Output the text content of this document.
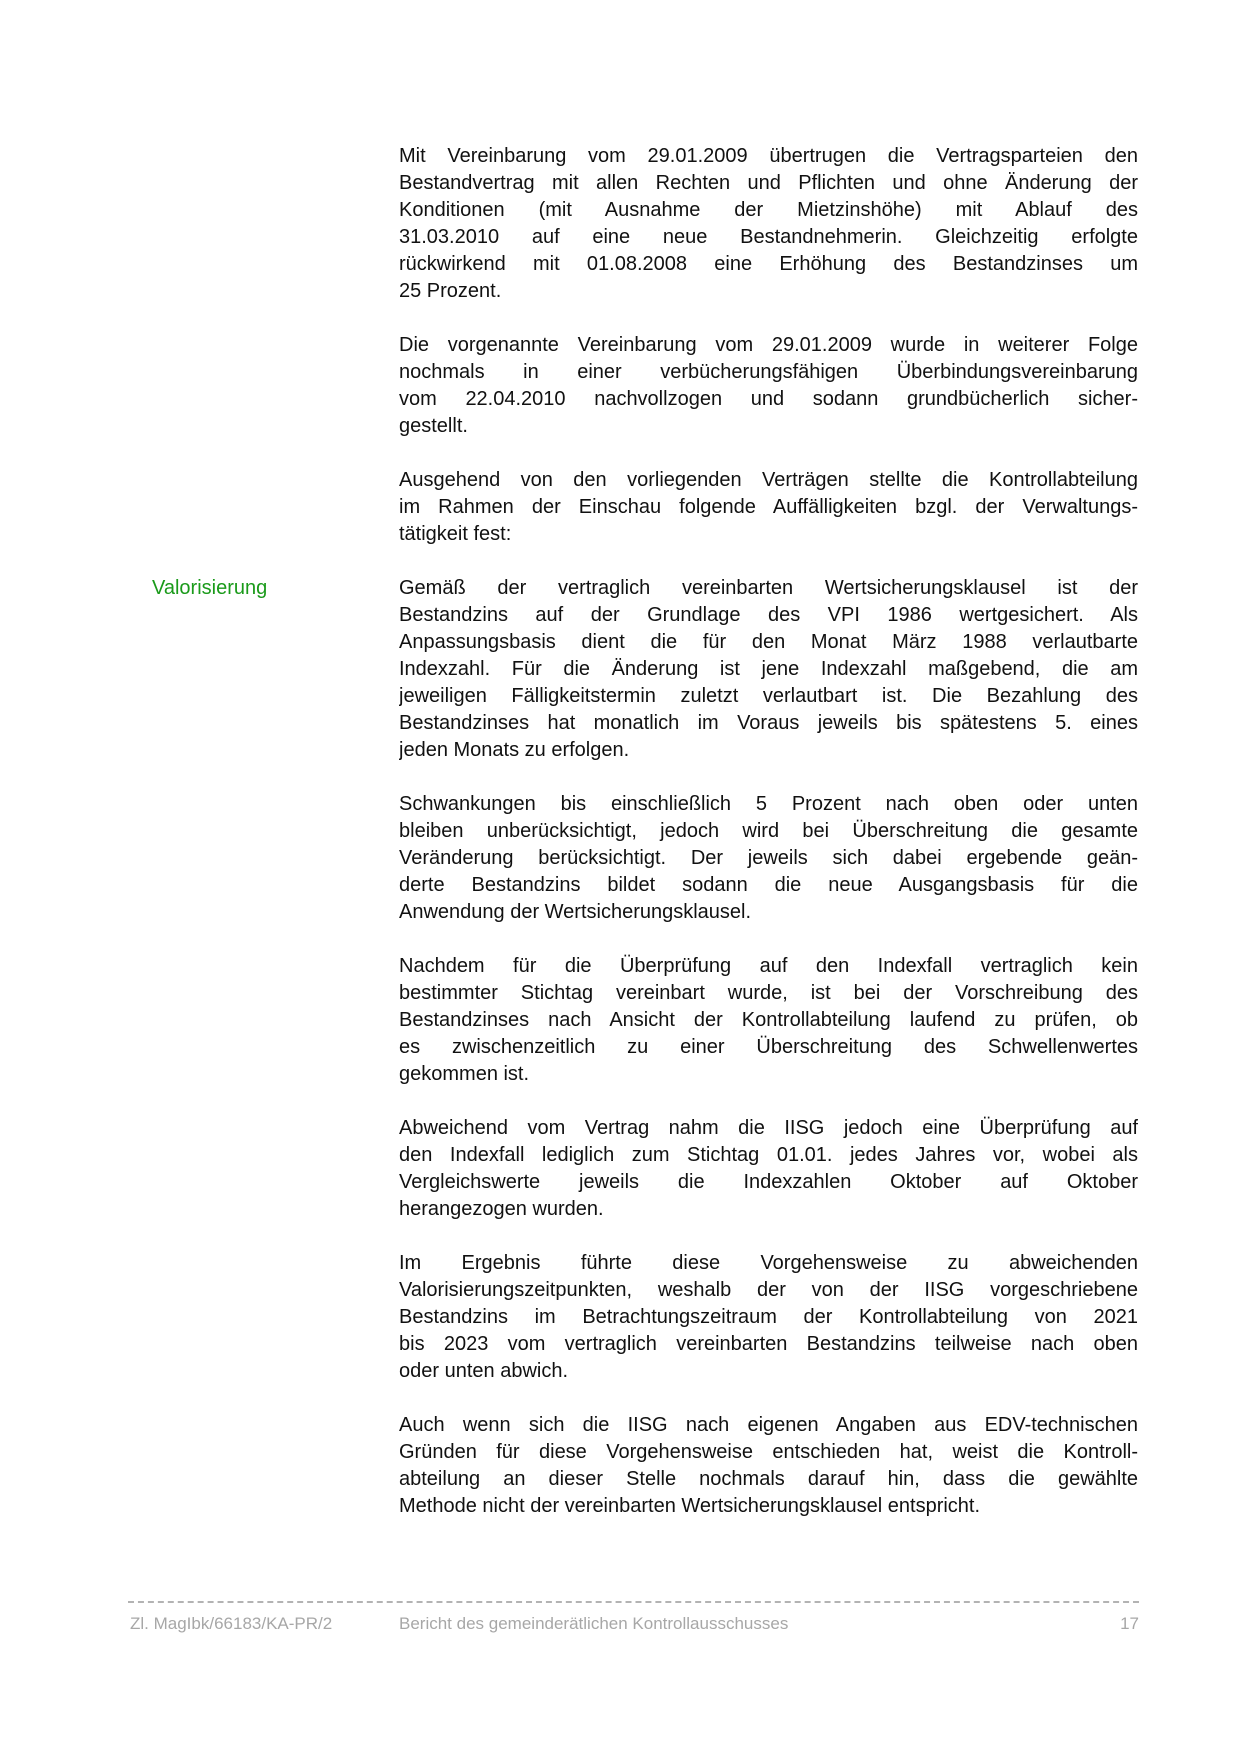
Mit Vereinbarung vom 29.01.2009 übertrugen die Vertragsparteien den
Bestandvertrag mit allen Rechten und Pflichten und ohne Änderung der
Konditionen (mit Ausnahme der Mietzinshöhe) mit Ablauf des
31.03.2010 auf eine neue Bestandnehmerin. Gleichzeitig erfolgte
rückwirkend mit 01.08.2008 eine Erhöhung des Bestandzinses um
25 Prozent.
Die vorgenannte Vereinbarung vom 29.01.2009 wurde in weiterer Folge
nochmals in einer verbücherungsfähigen Überbindungsvereinbarung
vom 22.04.2010 nachvollzogen und sodann grundbücherlich sicher-
gestellt.
Ausgehend von den vorliegenden Verträgen stellte die Kontrollabteilung
im Rahmen der Einschau folgende Auffälligkeiten bzgl. der Verwaltungs-
tätigkeit fest:
Valorisierung	Gemäß der vertraglich vereinbarten Wertsicherungsklausel ist der
Bestandzins auf der Grundlage des VPI 1986 wertgesichert. Als
Anpassungsbasis dient die für den Monat März 1988 verlautbarte
Indexzahl. Für die Änderung ist jene Indexzahl maßgebend, die am
jeweiligen Fälligkeitstermin zuletzt verlautbart ist. Die Bezahlung des
Bestandzinses hat monatlich im Voraus jeweils bis spätestens 5. eines
jeden Monats zu erfolgen.
Schwankungen bis einschließlich 5 Prozent nach oben oder unten
bleiben unberücksichtigt, jedoch wird bei Überschreitung die gesamte
Veränderung berücksichtigt. Der jeweils sich dabei ergebende geän-
derte Bestandzins bildet sodann die neue Ausgangsbasis für die
Anwendung der Wertsicherungsklausel.
Nachdem für die Überprüfung auf den Indexfall vertraglich kein
bestimmter Stichtag vereinbart wurde, ist bei der Vorschreibung des
Bestandzinses nach Ansicht der Kontrollabteilung laufend zu prüfen, ob
es zwischenzeitlich zu einer Überschreitung des Schwellenwertes
gekommen ist.
Abweichend vom Vertrag nahm die IISG jedoch eine Überprüfung auf
den Indexfall lediglich zum Stichtag 01.01. jedes Jahres vor, wobei als
Vergleichswerte jeweils die Indexzahlen Oktober auf Oktober
herangezogen wurden.
Im Ergebnis führte diese Vorgehensweise zu abweichenden
Valorisierungszeitpunkten, weshalb der von der IISG vorgeschriebene
Bestandzins im Betrachtungszeitraum der Kontrollabteilung von 2021
bis 2023 vom vertraglich vereinbarten Bestandzins teilweise nach oben
oder unten abwich.
Auch wenn sich die IISG nach eigenen Angaben aus EDV-technischen
Gründen für diese Vorgehensweise entschieden hat, weist die Kontroll-
abteilung an dieser Stelle nochmals darauf hin, dass die gewählte
Methode nicht der vereinbarten Wertsicherungsklausel entspricht.
Zl. MagIbk/66183/KA-PR/2	Bericht des gemeinderätlichen Kontrollausschusses	17
